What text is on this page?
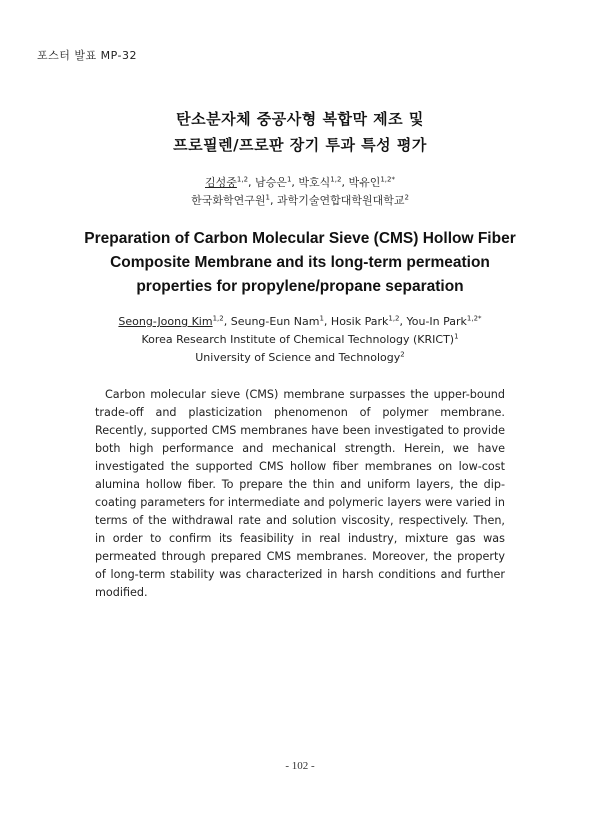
포스터 발표 MP-32
탄소분자체 중공사형 복합막 제조 및
프로필렌/프로판 장기 투과 특성 평가
김성중$^{1,2}$, 남승은$^1$, 박호식$^{1,2}$, 박유인$^{1,2*}$
한국화학연구원$^1$, 과학기술연합대학원대학교$^2$
Preparation of Carbon Molecular Sieve (CMS) Hollow Fiber
Composite Membrane and its long-term permeation
properties for propylene/propane separation
Seong-Joong Kim$^{1,2}$, Seung-Eun Nam$^1$, Hosik Park$^{1,2}$, You-In Park$^{1,2*}$
Korea Research Institute of Chemical Technology (KRICT)$^1$
University of Science and Technology$^2$
Carbon molecular sieve (CMS) membrane surpasses the upper-bound trade-off and plasticization phenomenon of polymer membrane. Recently, supported CMS membranes have been investigated to provide both high performance and mechanical strength. Herein, we have investigated the supported CMS hollow fiber membranes on low-cost alumina hollow fiber. To prepare the thin and uniform layers, the dip-coating parameters for intermediate and polymeric layers were varied in terms of the withdrawal rate and solution viscosity, respectively. Then, in order to confirm its feasibility in real industry, mixture gas was permeated through prepared CMS membranes. Moreover, the property of long-term stability was characterized in harsh conditions and further modified.
- 102 -
